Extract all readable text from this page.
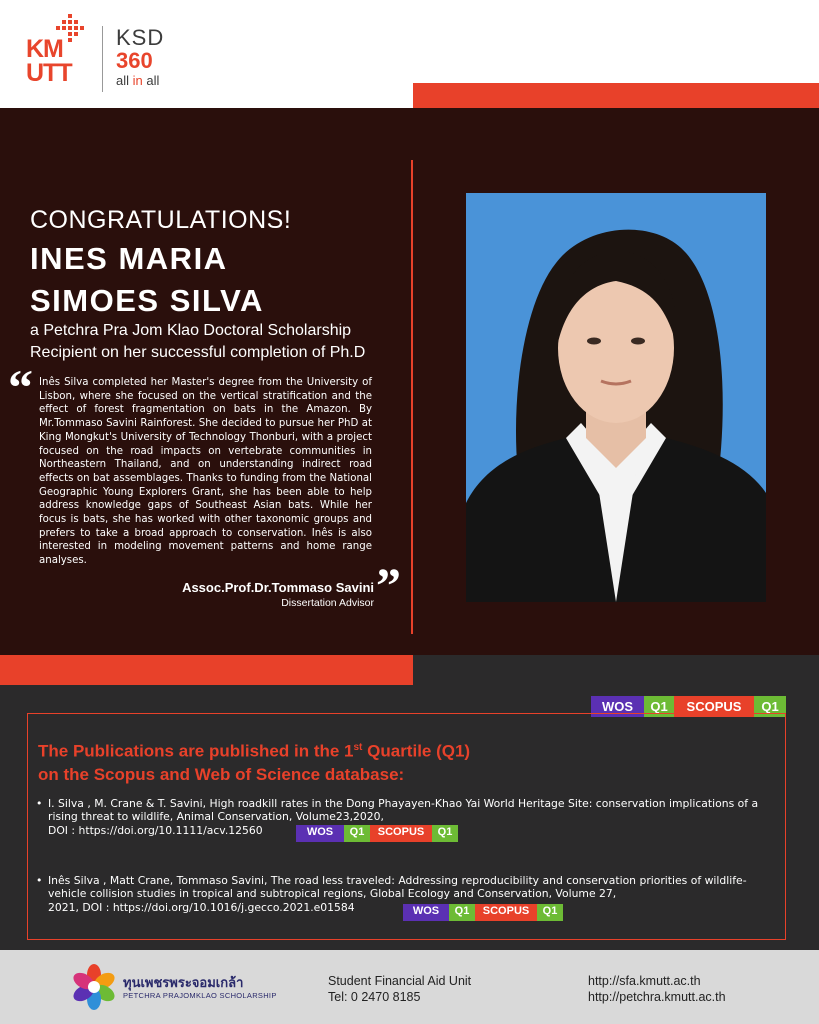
KM
UTT
KSD
360
all in all
CONGRATULATIONS!
INES MARIA
SIMOES SILVA
a Petchra Pra Jom Klao Doctoral Scholarship Recipient on her successful completion of Ph.D
“ Inês Silva completed her Master's degree from the University of Lisbon, where she focused on the vertical stratification and the effect of forest fragmentation on bats in the Amazon. By Mr.Tommaso Savini Rainforest. She decided to pursue her PhD at King Mongkut's University of Technology Thonburi, with a project focused on the road impacts on vertebrate communities in Northeastern Thailand, and on understanding indirect road effects on bat assemblages. Thanks to funding from the National Geographic Young Explorers Grant, she has been able to help address knowledge gaps of Southeast Asian bats. While her focus is bats, she has worked with other taxonomic groups and prefers to take a broad approach to conservation. Inês is also interested in modeling movement patterns and home range analyses.	”
Assoc.Prof.Dr.Tommaso Savini
Dissertation Advisor
WOS	Q1	SCOPUS	Q1
The Publications are published in the 1st Quartile (Q1)
on the Scopus and Web of Science database:
• I. Silva , M. Crane & T. Savini, High roadkill rates in the Dong Phayayen-Khao Yai World Heritage Site: conservation implications of a rising threat to wildlife, Animal Conservation, Volume23,2020,
DOI : https://doi.org/10.1111/acv.12560	WOS	Q1	SCOPUS	Q1
• Inês Silva , Matt Crane, Tommaso Savini, The road less traveled: Addressing reproducibility and conservation priorities of wildlife-vehicle collision studies in tropical and subtropical regions, Global Ecology and Conservation, Volume 27,
2021, DOI : https://doi.org/10.1016/j.gecco.2021.e01584	WOS	Q1	SCOPUS	Q1
ทุนเพชรพระจอมเกล้า
PETCHRA PRAJOMKLAO SCHOLARSHIP
Student Financial Aid Unit
Tel: 0 2470 8185
http://sfa.kmutt.ac.th
http://petchra.kmutt.ac.th
